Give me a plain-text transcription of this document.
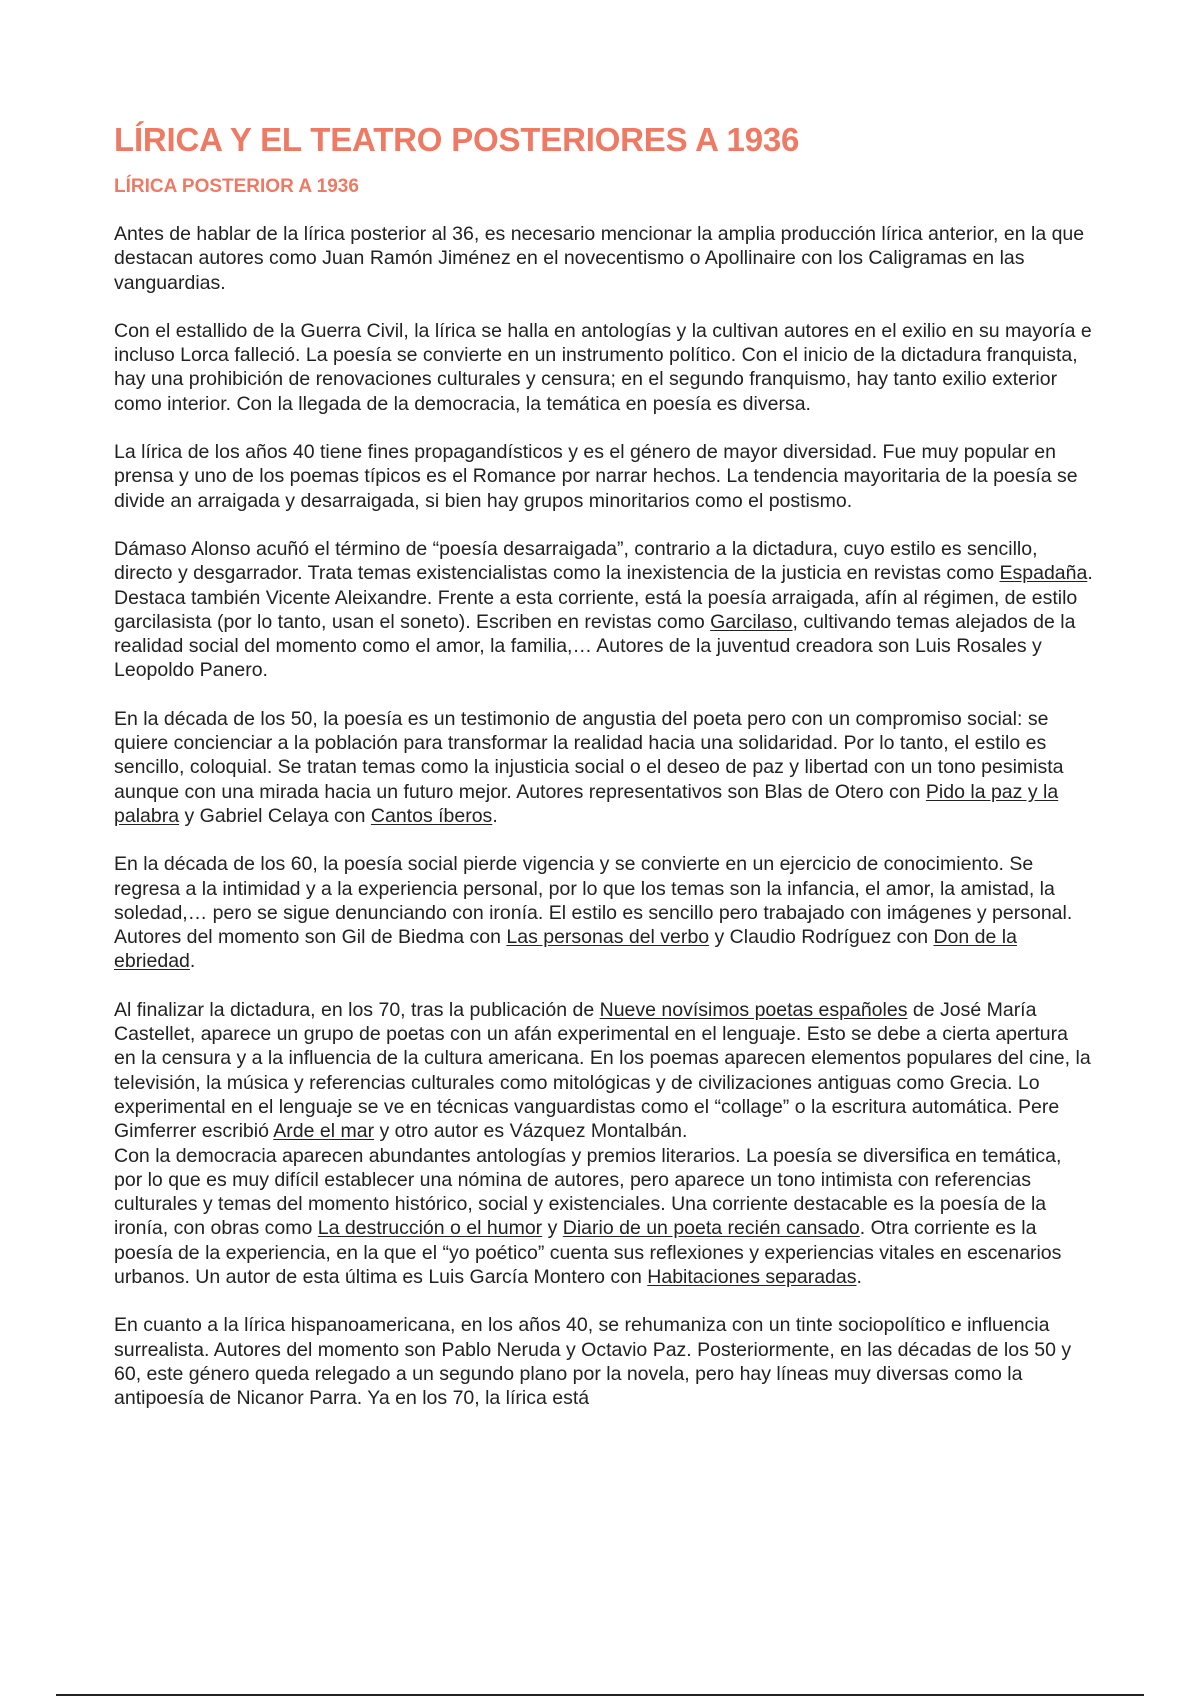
LÍRICA Y EL TEATRO POSTERIORES A 1936
LÍRICA POSTERIOR A 1936

Antes de hablar de la lírica posterior al 36, es necesario mencionar la amplia producción lírica anterior, en la que destacan autores como Juan Ramón Jiménez en el novecentismo o Apollinaire con los Caligramas en las vanguardias.

Con el estallido de la Guerra Civil, la lírica se halla en antologías y la cultivan autores en el exilio en su mayoría e incluso Lorca falleció. La poesía se convierte en un instrumento político. Con el inicio de la dictadura franquista, hay una prohibición de renovaciones culturales y censura; en el segundo franquismo, hay tanto exilio exterior como interior. Con la llegada de la democracia, la temática en poesía es diversa.

La lírica de los años 40 tiene fines propagandísticos y es el género de mayor diversidad. Fue muy popular en prensa y uno de los poemas típicos es el Romance por narrar hechos. La tendencia mayoritaria de la poesía se divide an arraigada y desarraigada, si bien hay grupos minoritarios como el postismo.

Dámaso Alonso acuñó el término de “poesía desarraigada”, contrario a la dictadura, cuyo estilo es sencillo, directo y desgarrador. Trata temas existencialistas como la inexistencia de la justicia en revistas como Espadaña. Destaca también Vicente Aleixandre. Frente a esta corriente, está la poesía arraigada, afín al régimen, de estilo garcilasista (por lo tanto, usan el soneto). Escriben en revistas como Garcilaso, cultivando temas alejados de la realidad social del momento como el amor, la familia,… Autores de la juventud creadora son Luis Rosales y Leopoldo Panero.

En la década de los 50, la poesía es un testimonio de angustia del poeta pero con un compromiso social: se quiere concienciar a la población para transformar la realidad hacia una solidaridad. Por lo tanto, el estilo es sencillo, coloquial. Se tratan temas como la injusticia social o el deseo de paz y libertad con un tono pesimista aunque con una mirada hacia un futuro mejor. Autores representativos son Blas de Otero con Pido la paz y la palabra y Gabriel Celaya con Cantos íberos.

En la década de los 60, la poesía social pierde vigencia y se convierte en un ejercicio de conocimiento. Se regresa a la intimidad y a la experiencia personal, por lo que los temas son la infancia, el amor, la amistad, la soledad,… pero se sigue denunciando con ironía. El estilo es sencillo pero trabajado con imágenes y personal. Autores del momento son Gil de Biedma con Las personas del verbo y Claudio Rodríguez con Don de la ebriedad.

Al finalizar la dictadura, en los 70, tras la publicación de Nueve novísimos poetas españoles de José María Castellet, aparece un grupo de poetas con un afán experimental en el lenguaje. Esto se debe a cierta apertura en la censura y a la influencia de la cultura americana. En los poemas aparecen elementos populares del cine, la televisión, la música y referencias culturales como mitológicas y de civilizaciones antiguas como Grecia. Lo experimental en el lenguaje se ve en técnicas vanguardistas como el “collage” o la escritura automática. Pere Gimferrer escribió Arde el mar y otro autor es Vázquez Montalbán.

Con la democracia aparecen abundantes antologías y premios literarios. La poesía se diversifica en temática, por lo que es muy difícil establecer una nómina de autores, pero aparece un tono intimista con referencias culturales y temas del momento histórico, social y existenciales. Una corriente destacable es la poesía de la ironía, con obras como La destrucción o el humor y Diario de un poeta recién cansado. Otra corriente es la poesía de la experiencia, en la que el “yo poético” cuenta sus reflexiones y experiencias vitales en escenarios urbanos. Un autor de esta última es Luis García Montero con Habitaciones separadas.

En cuanto a la lírica hispanoamericana, en los años 40, se rehumaniza con un tinte sociopolítico e influencia surrealista. Autores del momento son Pablo Neruda y Octavio Paz. Posteriormente, en las décadas de los 50 y 60, este género queda relegado a un segundo plano por la novela, pero hay líneas muy diversas como la antipoesía de Nicanor Parra. Ya en los 70, la lírica está
